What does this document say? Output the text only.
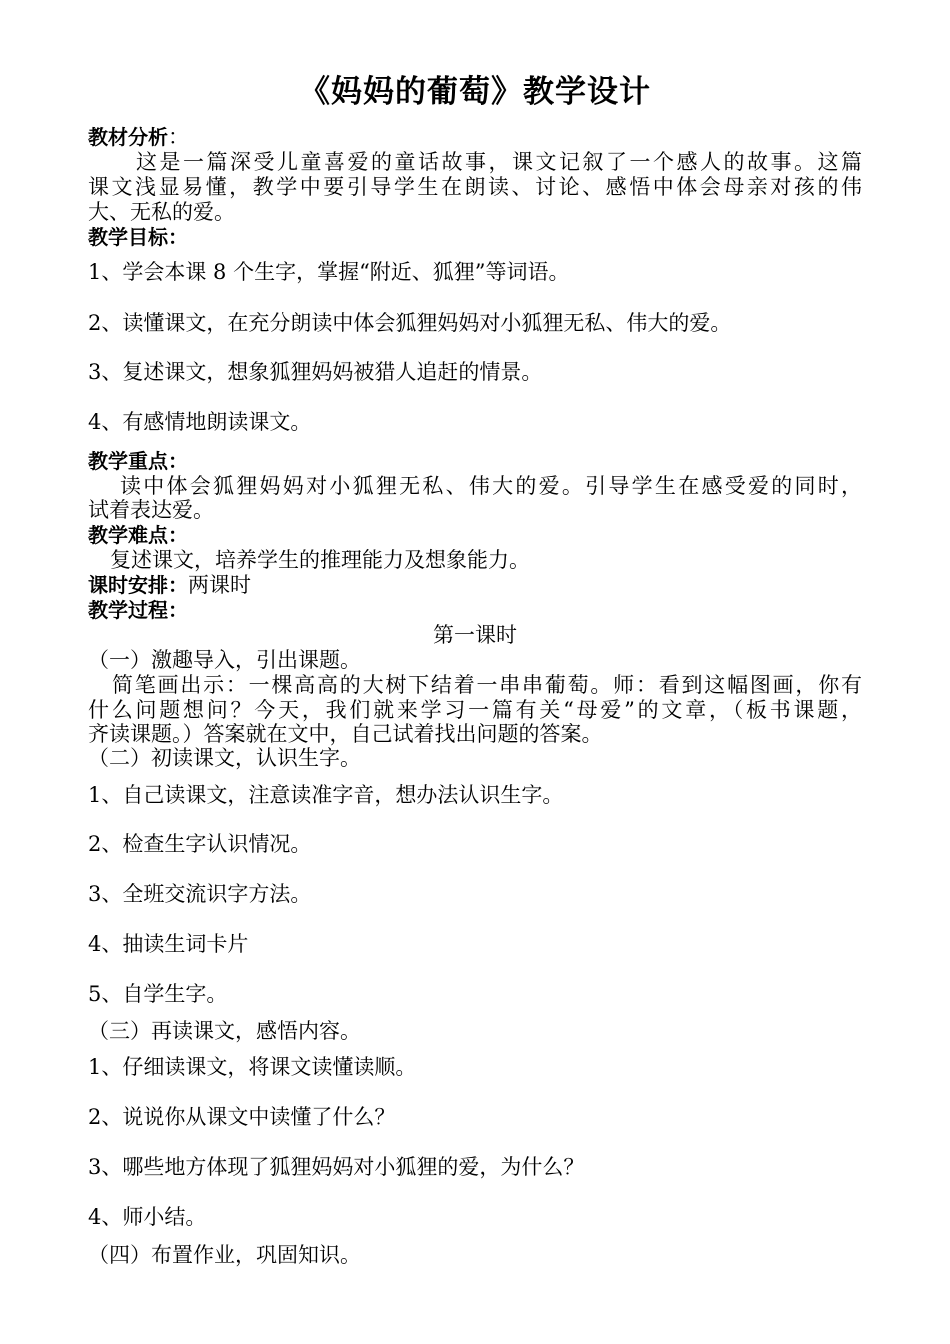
《妈妈的葡萄》教学设计
教材分析：
这是一篇深受儿童喜爱的童话故事，课文记叙了一个感人的故事。这篇
课文浅显易懂，教学中要引导学生在朗读、讨论、感悟中体会母亲对孩的伟
大、无私的爱。
教学目标：
1、学会本课 8 个生字，掌握“附近、狐狸”等词语。
2、读懂课文，在充分朗读中体会狐狸妈妈对小狐狸无私、伟大的爱。
3、复述课文，想象狐狸妈妈被猎人追赶的情景。
4、有感情地朗读课文。
教学重点：
读中体会狐狸妈妈对小狐狸无私、伟大的爱。引导学生在感受爱的同时，
试着表达爱。
教学难点：
复述课文，培养学生的推理能力及想象能力。
课时安排：两课时
教学过程：
第一课时
（一）激趣导入，引出课题。
简笔画出示：一棵高高的大树下结着一串串葡萄。师：看到这幅图画，你有
什么问题想问？今天，我们就来学习一篇有关“母爱”的文章，（板书课题，
齐读课题。）答案就在文中，自己试着找出问题的答案。
（二）初读课文，认识生字。
1、自己读课文，注意读准字音，想办法认识生字。
2、检查生字认识情况。
3、全班交流识字方法。
4、抽读生词卡片
5、自学生字。
（三）再读课文，感悟内容。
1、仔细读课文，将课文读懂读顺。
2、说说你从课文中读懂了什么？
3、哪些地方体现了狐狸妈妈对小狐狸的爱，为什么？
4、师小结。
（四）布置作业，巩固知识。
